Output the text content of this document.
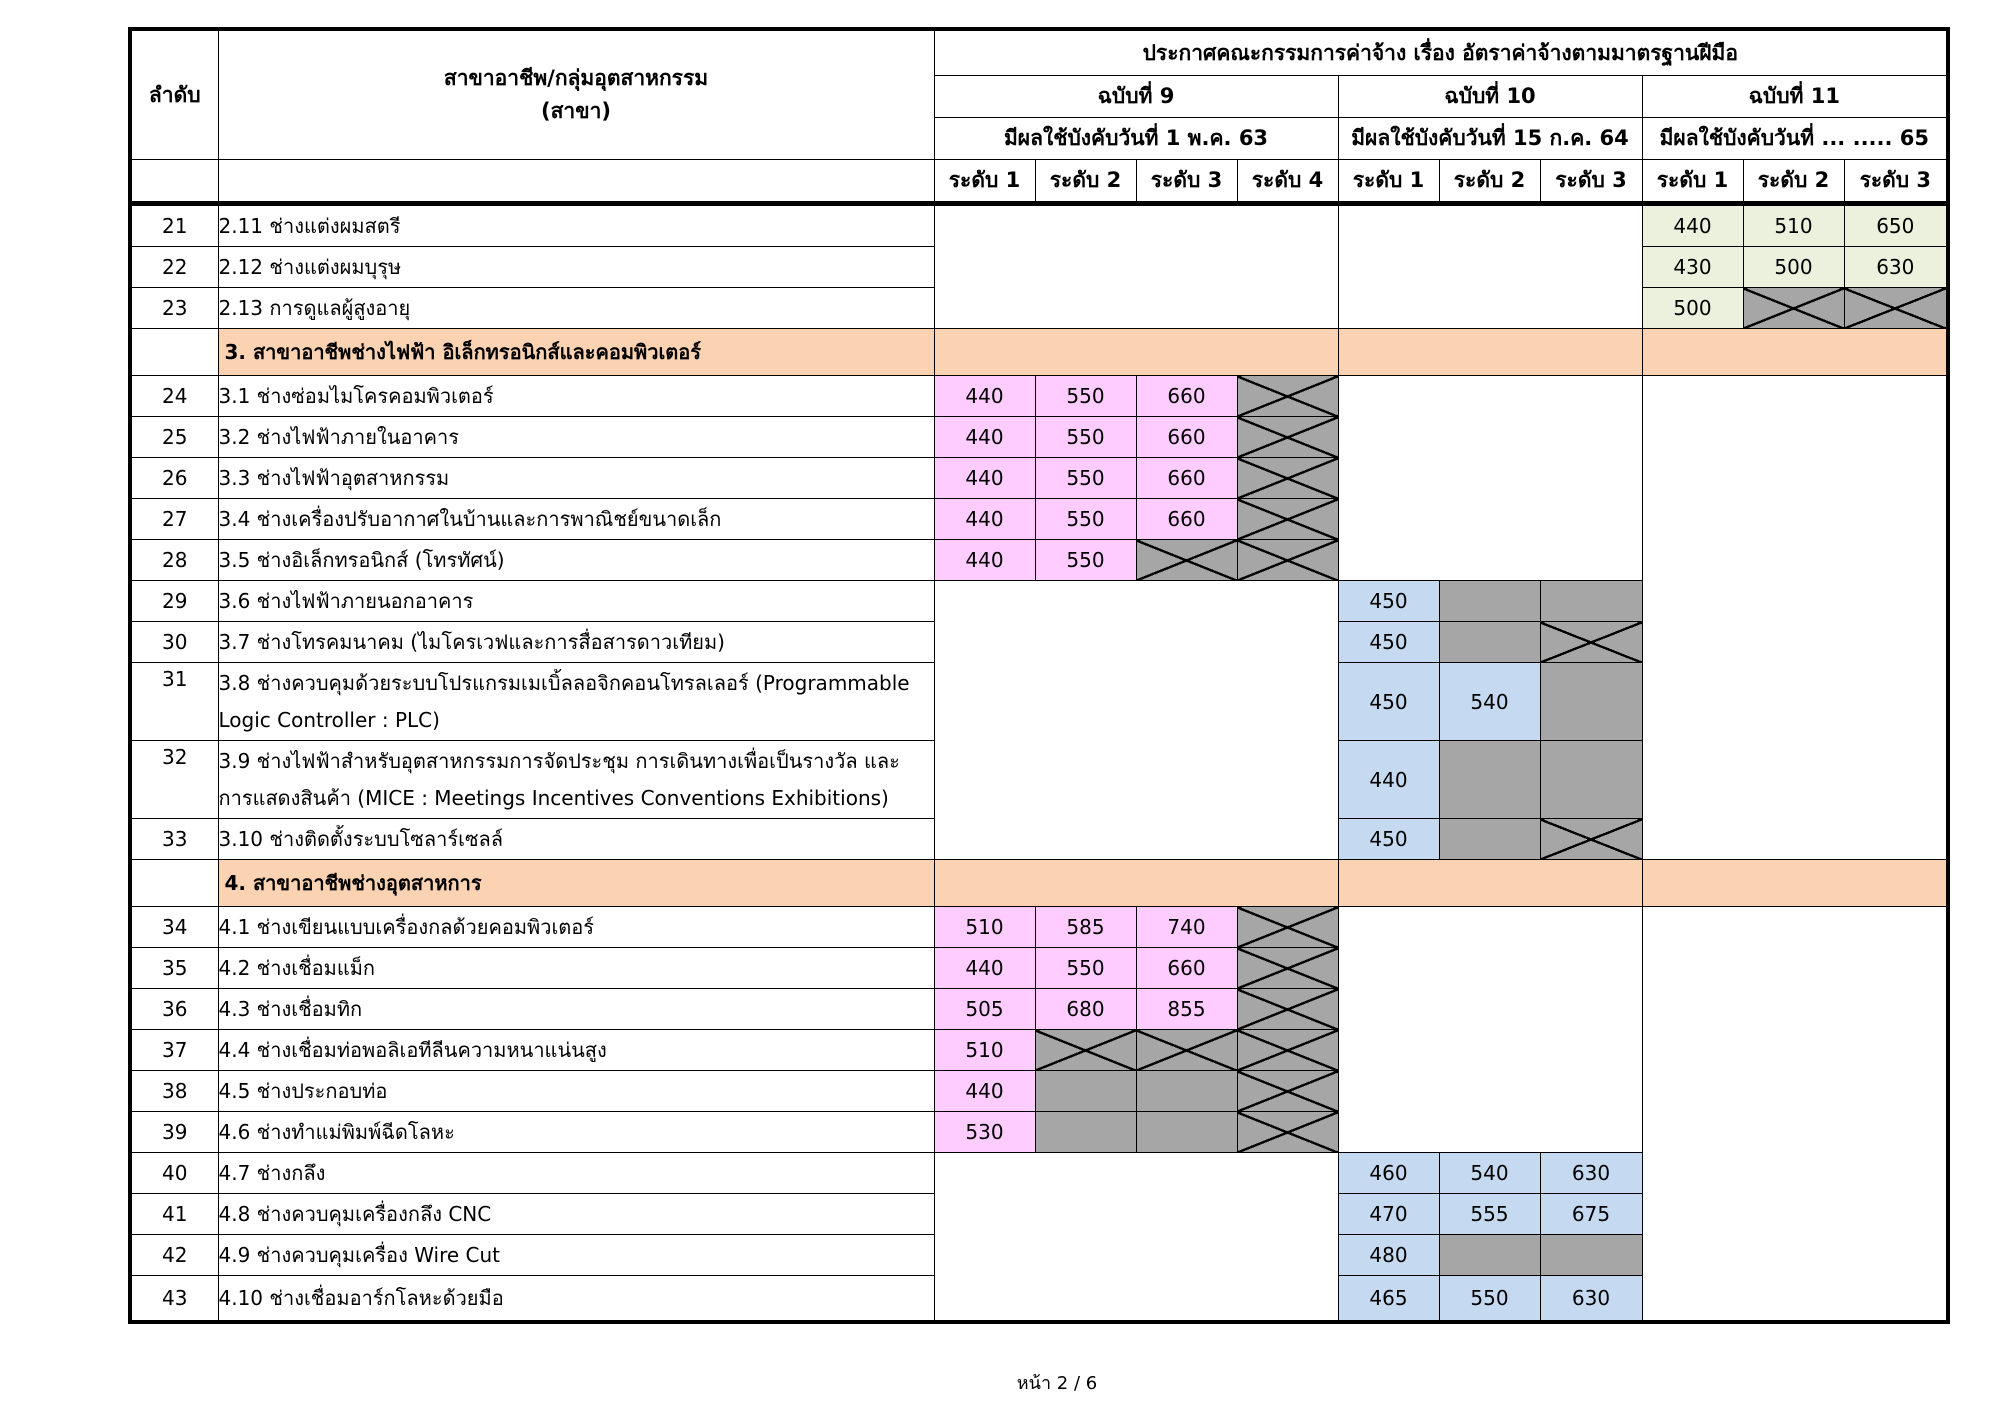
ลำดับ	สาขาอาชีพ/กลุ่มอุตสาหกรรม
(สาขา)	ประกาศคณะกรรมการค่าจ้าง เรื่อง อัตราค่าจ้างตามมาตรฐานฝีมือ									
		ฉบับที่ 9				ฉบับที่ 10			ฉบับที่ 11		
		มีผลใช้บังคับวันที่ 1 พ.ค. 63				มีผลใช้บังคับวันที่ 15 ก.ค. 64			มีผลใช้บังคับวันที่ ... ..... 65		
		ระดับ 1	ระดับ 2	ระดับ 3	ระดับ 4	ระดับ 1	ระดับ 2	ระดับ 3	ระดับ 1	ระดับ 2	ระดับ 3
21	2.11 ช่างแต่งผมสตรี								440	510	650
22	2.12 ช่างแต่งผมบุรุษ								430	500	630
23	2.13 การดูแลผู้สูงอายุ								500		
	3. สาขาอาชีพช่างไฟฟ้า อิเล็กทรอนิกส์และคอมพิวเตอร์										
24	3.1 ช่างซ่อมไมโครคอมพิวเตอร์	440	550	660							
25	3.2 ช่างไฟฟ้าภายในอาคาร	440	550	660							
26	3.3 ช่างไฟฟ้าอุตสาหกรรม	440	550	660							
27	3.4 ช่างเครื่องปรับอากาศในบ้านและการพาณิชย์ขนาดเล็ก	440	550	660							
28	3.5 ช่างอิเล็กทรอนิกส์ (โทรทัศน์)	440	550								
29	3.6 ช่างไฟฟ้าภายนอกอาคาร					450					
30	3.7 ช่างโทรคมนาคม (ไมโครเวฟและการสื่อสารดาวเทียม)					450					
31	3.8 ช่างควบคุมด้วยระบบโปรแกรมเมเบิ้ลลอจิกคอนโทรลเลอร์ (Programmable Logic Controller : PLC)					450	540				
32	3.9 ช่างไฟฟ้าสำหรับอุตสาหกรรมการจัดประชุม การเดินทางเพื่อเป็นรางวัล และการแสดงสินค้า (MICE : Meetings Incentives Conventions Exhibitions)					440					
33	3.10 ช่างติดตั้งระบบโซลาร์เซลล์					450					
	4. สาขาอาชีพช่างอุตสาหการ										
34	4.1 ช่างเขียนแบบเครื่องกลด้วยคอมพิวเตอร์	510	585	740							
35	4.2 ช่างเชื่อมแม็ก	440	550	660							
36	4.3 ช่างเชื่อมทิก	505	680	855							
37	4.4 ช่างเชื่อมท่อพอลิเอทีลีนความหนาแน่นสูง	510									
38	4.5 ช่างประกอบท่อ	440									
39	4.6 ช่างทำแม่พิมพ์ฉีดโลหะ	530									
40	4.7 ช่างกลึง					460	540	630			
41	4.8 ช่างควบคุมเครื่องกลึง CNC					470	555	675			
42	4.9 ช่างควบคุมเครื่อง Wire Cut					480					
43	4.10 ช่างเชื่อมอาร์กโลหะด้วยมือ					465	550	630			
หน้า 2 / 6
